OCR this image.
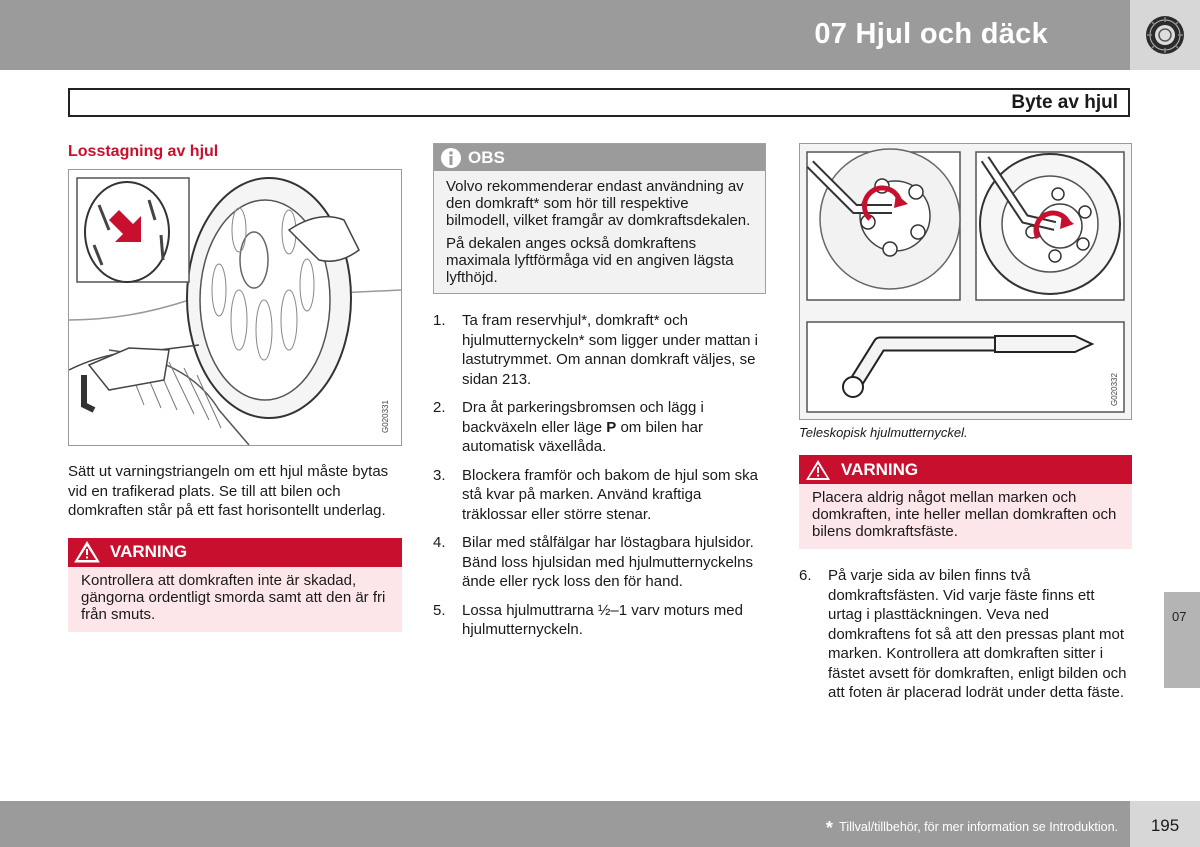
07 Hjul och däck
Byte av hjul
Losstagning av hjul
G020331

Sätt ut varningstriangeln om ett hjul måste bytas vid en trafikerad plats. Se till att bilen och domkraften står på ett fast horisontellt underlag.

VARNING
Kontrollera att domkraften inte är skadad, gängorna ordentligt smorda samt att den är fri från smuts.
OBS

Volvo rekommenderar endast användning av den domkraft* som hör till respektive bilmodell, vilket framgår av domkraftsdekalen.

På dekalen anges också domkraftens maximala lyftförmåga vid en angiven lägsta lyfthöjd.

1.	Ta fram reservhjul*, domkraft* och hjulmutternyckeln* som ligger under mattan i lastutrymmet. Om annan domkraft väljes, se sidan 213.
2.	Dra åt parkeringsbromsen och lägg i backväxeln eller läge P om bilen har automatisk växellåda.
3.	Blockera framför och bakom de hjul som ska stå kvar på marken. Använd kraftiga träklossar eller större stenar.
4.	Bilar med stålfälgar har löstagbara hjulsidor. Bänd loss hjulsidan med hjulmutternyckelns ände eller ryck loss den för hand.
5.	Lossa hjulmuttrarna ½–1 varv moturs med hjulmutternyckeln.
G020332
Teleskopisk hjulmutternyckel.
VARNING
Placera aldrig något mellan marken och domkraften, inte heller mellan domkraften och bilens domkraftsfäste.
6.	På varje sida av bilen finns två domkraftsfästen. Vid varje fäste finns ett urtag i plasttäckningen. Veva ned domkraftens fot så att den pressas plant mot marken. Kontrollera att domkraften sitter i fästet avsett för domkraften, enligt bilden och att foten är placerad lodrät under detta fäste.
07
* Tillval/tillbehör, för mer information se Introduktion.	195
